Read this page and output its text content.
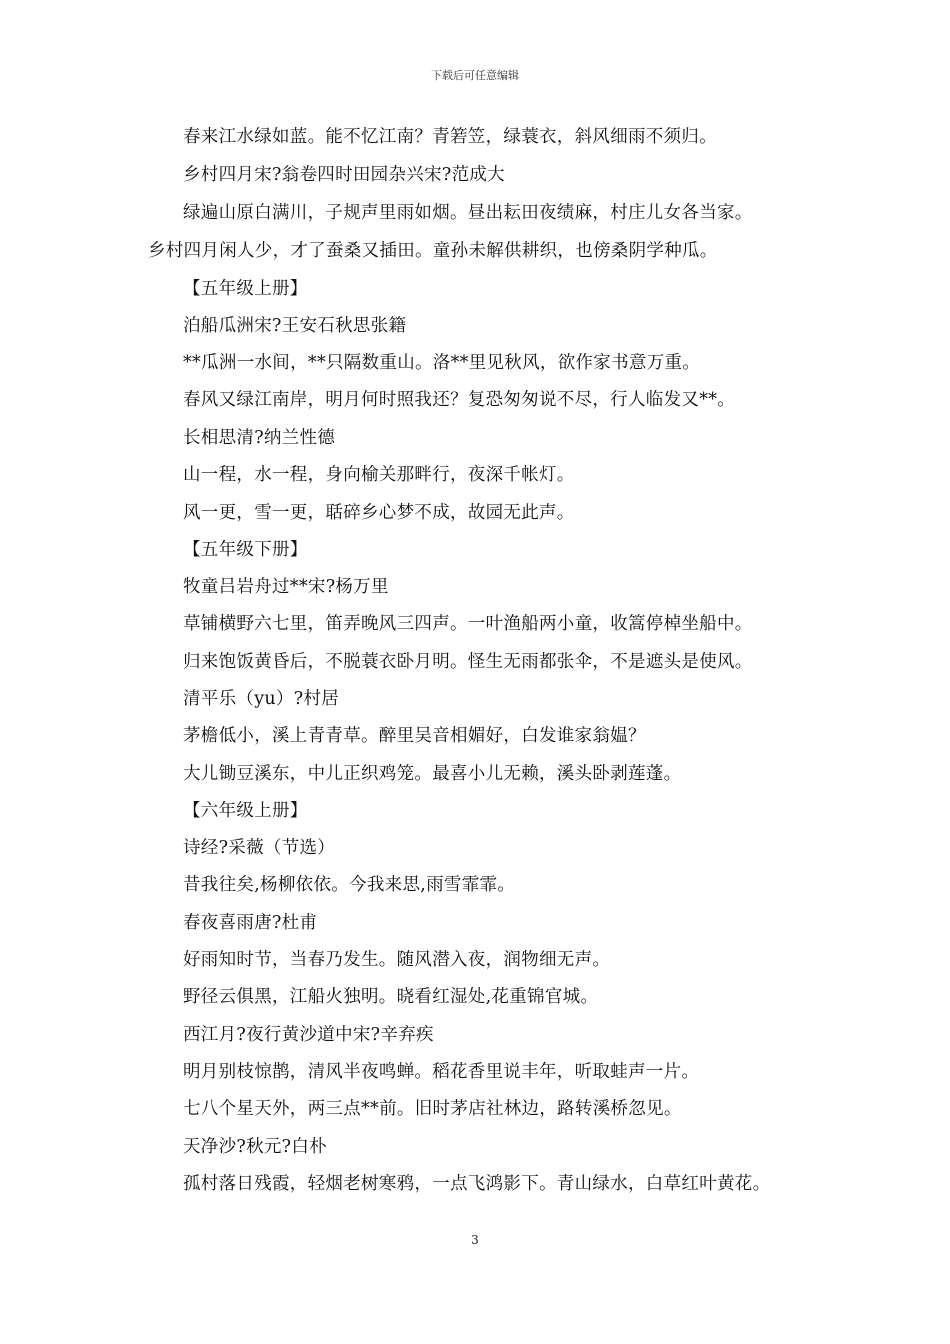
下载后可任意编辑
春来江水绿如蓝。能不忆江南？青箬笠，绿蓑衣，斜风细雨不须归。
乡村四月宋?翁卷四时田园杂兴宋?范成大
绿遍山原白满川，子规声里雨如烟。昼出耘田夜绩麻，村庄儿女各当家。
乡村四月闲人少，才了蚕桑又插田。童孙未解供耕织，也傍桑阴学种瓜。
【五年级上册】
泊船瓜洲宋?王安石秋思张籍
**瓜洲一水间，**只隔数重山。洛**里见秋风，欲作家书意万重。
春风又绿江南岸，明月何时照我还？复恐匆匆说不尽，行人临发又**。
长相思清?纳兰性德
山一程，水一程，身向榆关那畔行，夜深千帐灯。
风一更，雪一更，聒碎乡心梦不成，故园无此声。
【五年级下册】
牧童吕岩舟过**宋?杨万里
草铺横野六七里，笛弄晚风三四声。一叶渔船两小童，收篙停棹坐船中。
归来饱饭黄昏后，不脱蓑衣卧月明。怪生无雨都张伞，不是遮头是使风。
清平乐（yu）?村居
茅檐低小，溪上青青草。醉里吴音相媚好，白发谁家翁媪？
大儿锄豆溪东，中儿正织鸡笼。最喜小儿无赖，溪头卧剥莲蓬。
【六年级上册】
诗经?采薇（节选）
昔我往矣,杨柳依依。今我来思,雨雪霏霏。
春夜喜雨唐?杜甫
好雨知时节，当春乃发生。随风潜入夜，润物细无声。
野径云俱黑，江船火独明。晓看红湿处,花重锦官城。
西江月?夜行黄沙道中宋?辛弃疾
明月别枝惊鹊，清风半夜鸣蝉。稻花香里说丰年，听取蛙声一片。
七八个星天外，两三点**前。旧时茅店社林边，路转溪桥忽见。
天净沙?秋元?白朴
孤村落日残霞，轻烟老树寒鸦，一点飞鸿影下。青山绿水，白草红叶黄花。
3
